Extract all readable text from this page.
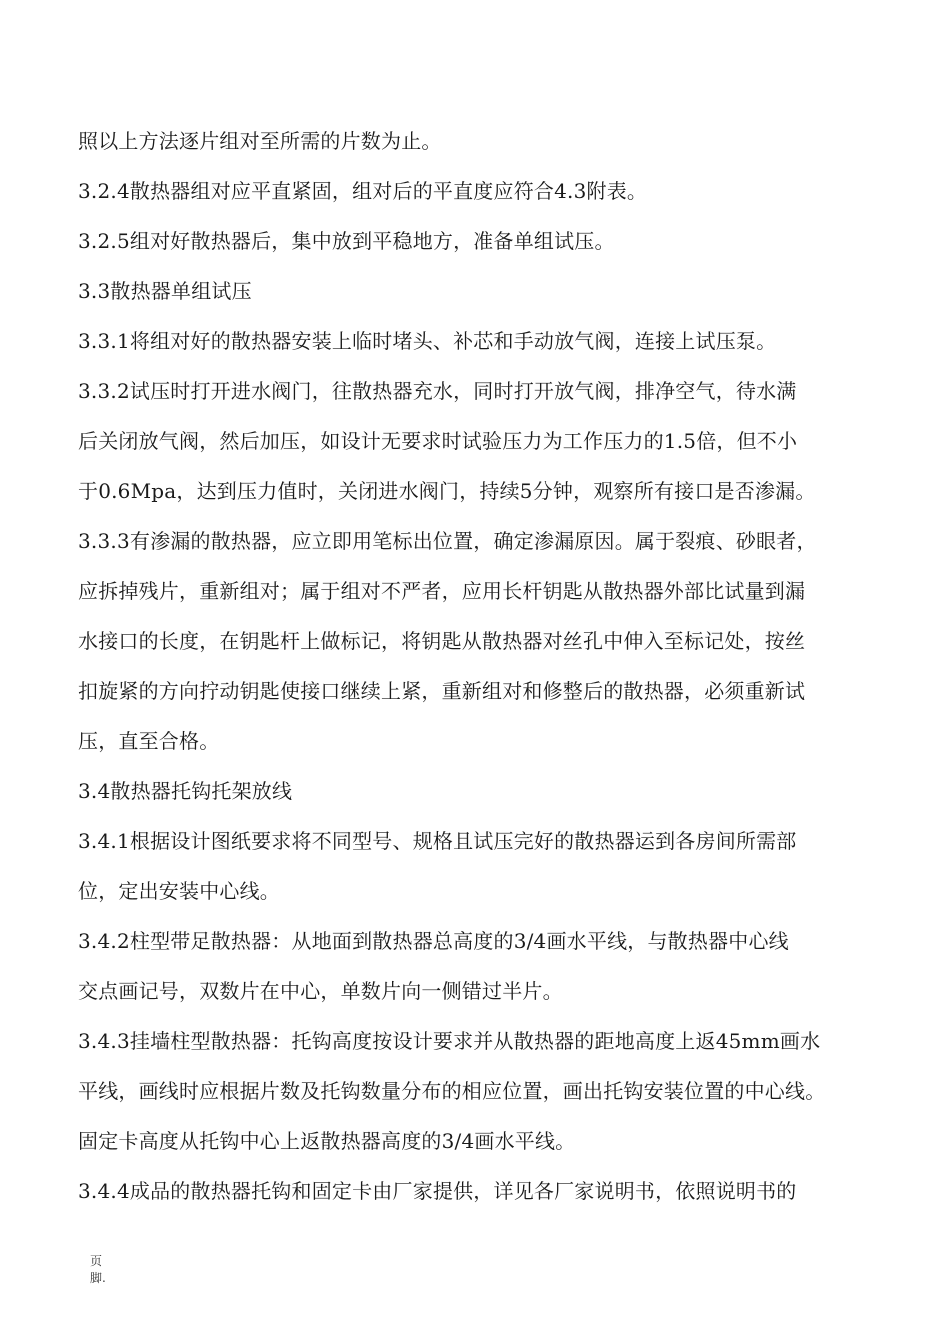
照以上方法逐片组对至所需的片数为止。
3.2.4散热器组对应平直紧固，组对后的平直度应符合4.3附表。
3.2.5组对好散热器后，集中放到平稳地方，准备单组试压。
3.3散热器单组试压
3.3.1将组对好的散热器安装上临时堵头、补芯和手动放气阀，连接上试压泵。
3.3.2试压时打开进水阀门，往散热器充水，同时打开放气阀，排净空气，待水满
后关闭放气阀，然后加压，如设计无要求时试验压力为工作压力的1.5倍，但不小
于0.6Mpa，达到压力值时，关闭进水阀门，持续5分钟，观察所有接口是否渗漏。
3.3.3有渗漏的散热器，应立即用笔标出位置，确定渗漏原因。属于裂痕、砂眼者，
应拆掉残片，重新组对；属于组对不严者，应用长杆钥匙从散热器外部比试量到漏
水接口的长度，在钥匙杆上做标记，将钥匙从散热器对丝孔中伸入至标记处，按丝
扣旋紧的方向拧动钥匙使接口继续上紧，重新组对和修整后的散热器，必须重新试
压，直至合格。
3.4散热器托钩托架放线
3.4.1根据设计图纸要求将不同型号、规格且试压完好的散热器运到各房间所需部
位，定出安装中心线。
3.4.2柱型带足散热器：从地面到散热器总高度的3/4画水平线，与散热器中心线
交点画记号，双数片在中心，单数片向一侧错过半片。
3.4.3挂墙柱型散热器：托钩高度按设计要求并从散热器的距地高度上返45mm画水
平线，画线时应根据片数及托钩数量分布的相应位置，画出托钩安装位置的中心线。
固定卡高度从托钩中心上返散热器高度的3/4画水平线。
3.4.4成品的散热器托钩和固定卡由厂家提供，详见各厂家说明书，依照说明书的
页
脚.
